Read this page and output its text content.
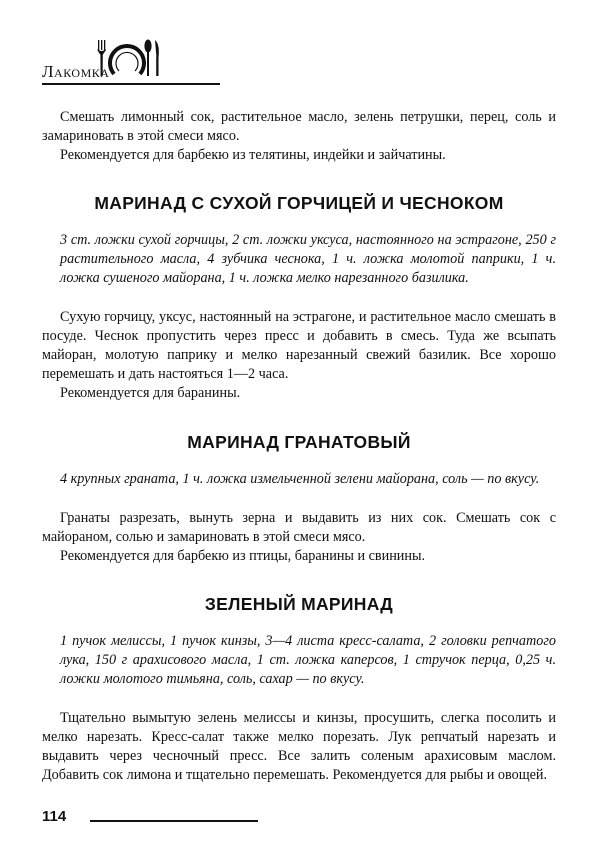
Лакомка

Смешать лимонный сок, растительное масло, зелень петрушки, перец, соль и замариновать в этой смеси мясо.

Рекомендуется для барбекю из телятины, индейки и зайчатины.

МАРИНАД С СУХОЙ ГОРЧИЦЕЙ И ЧЕСНОКОМ

3 ст. ложки сухой горчицы, 2 ст. ложки уксуса, настоянного на эстрагоне, 250 г растительного масла, 4 зубчика чеснока, 1 ч. ложка молотой паприки, 1 ч. ложка сушеного майорана, 1 ч. ложка мелко нарезанного базилика.

Сухую горчицу, уксус, настоянный на эстрагоне, и растительное масло смешать в посуде. Чеснок пропустить через пресс и добавить в смесь. Туда же всыпать майоран, молотую паприку и мелко нарезанный свежий базилик. Все хорошо перемешать и дать настояться 1—2 часа.

Рекомендуется для баранины.

МАРИНАД ГРАНАТОВЫЙ

4 крупных граната, 1 ч. ложка измельченной зелени майорана, соль — по вкусу.

Гранаты разрезать, вынуть зерна и выдавить из них сок. Смешать сок с майораном, солью и замариновать в этой смеси мясо.

Рекомендуется для барбекю из птицы, баранины и свинины.

ЗЕЛЕНЫЙ МАРИНАД

1 пучок мелиссы, 1 пучок кинзы, 3—4 листа кресс-салата, 2 головки репчатого лука, 150 г арахисового масла, 1 ст. ложка каперсов, 1 стручок перца, 0,25 ч. ложки молотого тимьяна, соль, сахар — по вкусу.

Тщательно вымытую зелень мелиссы и кинзы, просушить, слегка посолить и мелко нарезать. Кресс-салат также мелко порезать. Лук репчатый нарезать и выдавить через чесночный пресс. Все залить соленым арахисовым маслом. Добавить сок лимона и тщательно перемешать. Рекомендуется для рыбы и овощей.

114
